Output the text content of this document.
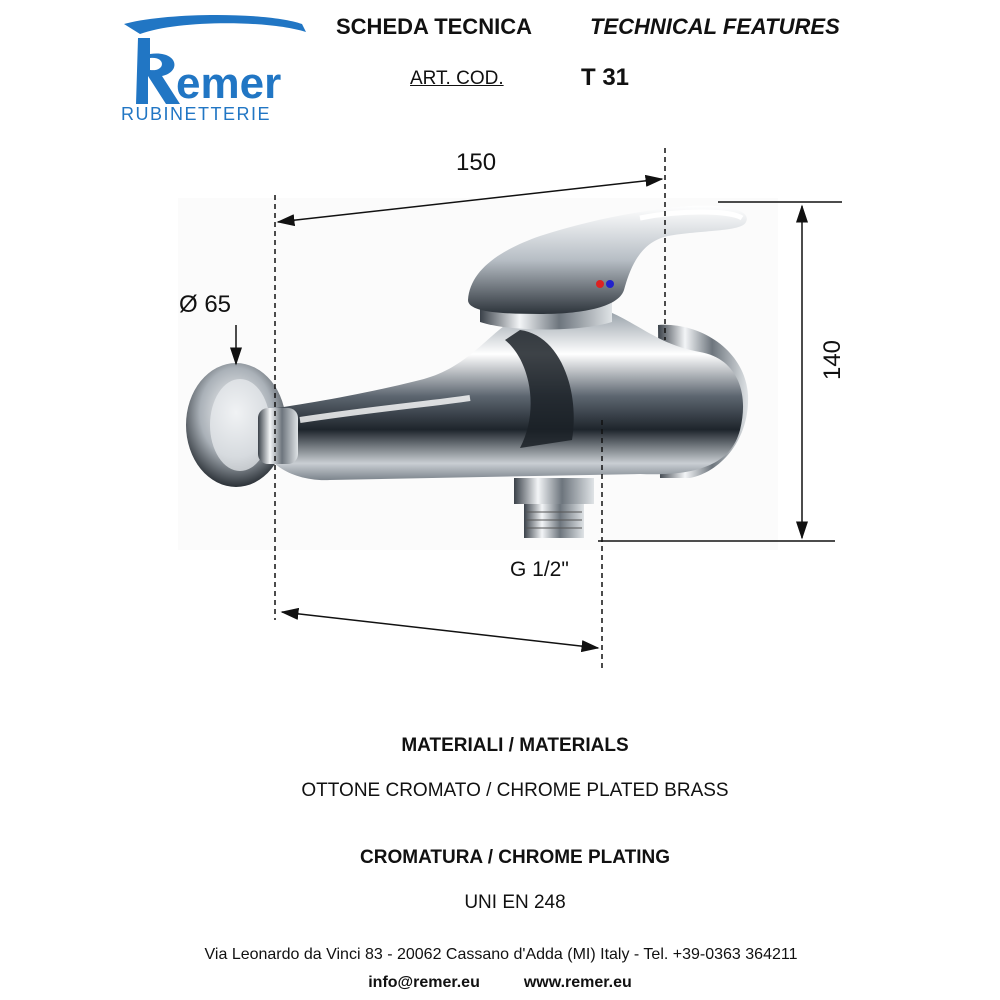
emer
RUBINETTERIE
SCHEDA TECNICA	TECHNICAL FEATURES
ART. COD.	T 31
150
Ø 65
G 1/2"
140
MATERIALI / MATERIALS
OTTONE CROMATO / CHROME PLATED BRASS
CROMATURA / CHROME PLATING
UNI EN 248
Via Leonardo da Vinci 83 - 20062 Cassano d'Adda (MI) Italy - Tel. +39-0363 364211
info@remer.eu	www.remer.eu
